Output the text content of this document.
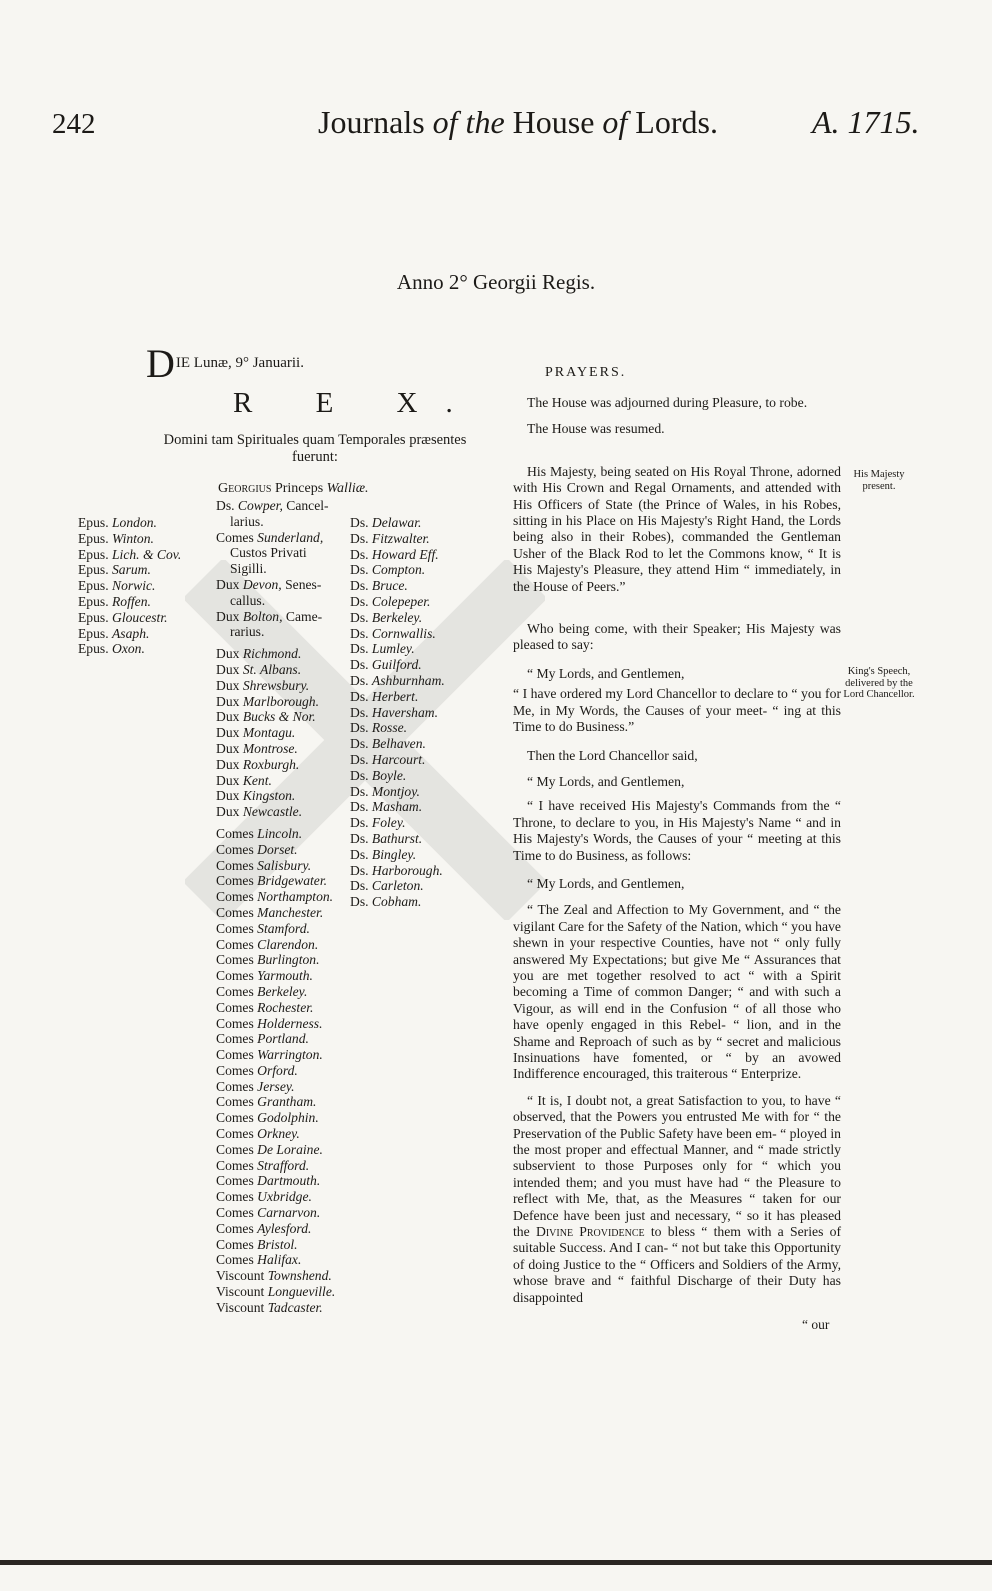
242	Journals of the House of Lords.	A. 1715.
Anno 2° Georgii Regis.
DIE Lunæ, 9° Januarii.
R E X.
Domini tam Spirituales quam Temporales præsentes fuerunt:
Georgius Princeps Walliæ.
Epus. London.
Epus. Winton.
Epus. Lich. & Cov.
Epus. Sarum.
Epus. Norwic.
Epus. Roffen.
Epus. Gloucestr.
Epus. Asaph.
Epus. Oxon.
Ds. Cowper, Cancel-
larius.
Comes Sunderland,
Custos Privati
Sigilli.
Dux Devon, Senes-
callus.
Dux Bolton, Came-
rarius.
Dux Richmond.
Dux St. Albans.
Dux Shrewsbury.
Dux Marlborough.
Dux Bucks & Nor.
Dux Montagu.
Dux Montrose.
Dux Roxburgh.
Dux Kent.
Dux Kingston.
Dux Newcastle.
Comes Lincoln.
Comes Dorset.
Comes Salisbury.
Comes Bridgewater.
Comes Northampton.
Comes Manchester.
Comes Stamford.
Comes Clarendon.
Comes Burlington.
Comes Yarmouth.
Comes Berkeley.
Comes Rochester.
Comes Holderness.
Comes Portland.
Comes Warrington.
Comes Orford.
Comes Jersey.
Comes Grantham.
Comes Godolphin.
Comes Orkney.
Comes De Loraine.
Comes Strafford.
Comes Dartmouth.
Comes Uxbridge.
Comes Carnarvon.
Comes Aylesford.
Comes Bristol.
Comes Halifax.
Viscount Townshend.
Viscount Longueville.
Viscount Tadcaster.
Ds. Delawar.
Ds. Fitzwalter.
Ds. Howard Eff.
Ds. Compton.
Ds. Bruce.
Ds. Colepeper.
Ds. Berkeley.
Ds. Cornwallis.
Ds. Lumley.
Ds. Guilford.
Ds. Ashburnham.
Ds. Herbert.
Ds. Haversham.
Ds. Rosse.
Ds. Belhaven.
Ds. Harcourt.
Ds. Boyle.
Ds. Montjoy.
Ds. Masham.
Ds. Foley.
Ds. Bathurst.
Ds. Bingley.
Ds. Harborough.
Ds. Carleton.
Ds. Cobham.
PRAYERS.

The House was adjourned during Pleasure, to robe.

The House was resumed.

His Majesty, being seated on His Royal Throne, adorned with His Crown and Regal Ornaments, and attended with His Officers of State (the Prince of Wales, in his Robes, sitting in his Place on His Majesty's Right Hand, the Lords being also in their Robes), commanded the Gentleman Usher of the Black Rod to let the Commons know, “ It is His Majesty's Pleasure, they attend Him “ immediately, in the House of Peers.”

Who being come, with their Speaker; His Majesty was pleased to say:

“ My Lords, and Gentlemen,

“ I have ordered my Lord Chancellor to declare to “ you for Me, in My Words, the Causes of your meet- “ ing at this Time to do Business.”

Then the Lord Chancellor said,

“ My Lords, and Gentlemen,

“ I have received His Majesty's Commands from the “ Throne, to declare to you, in His Majesty's Name “ and in His Majesty's Words, the Causes of your “ meeting at this Time to do Business, as follows:

“ My Lords, and Gentlemen,

“ The Zeal and Affection to My Government, and “ the vigilant Care for the Safety of the Nation, which “ you have shewn in your respective Counties, have not “ only fully answered My Expectations; but give Me “ Assurances that you are met together resolved to act “ with a Spirit becoming a Time of common Danger; “ and with such a Vigour, as will end in the Confusion “ of all those who have openly engaged in this Rebel- “ lion, and in the Shame and Reproach of such as by “ secret and malicious Insinuations have fomented, or “ by an avowed Indifference encouraged, this traiterous “ Enterprize.

“ It is, I doubt not, a great Satisfaction to you, to have “ observed, that the Powers you entrusted Me with for “ the Preservation of the Public Safety have been em- “ ployed in the most proper and effectual Manner, and “ made strictly subservient to those Purposes only for “ which you intended them; and you must have had “ the Pleasure to reflect with Me, that, as the Measures “ taken for our Defence have been just and necessary, “ so it has pleased the Divine Providence to bless “ them with a Series of suitable Success. And I can- “ not but take this Opportunity of doing Justice to the “ Officers and Soldiers of the Army, whose brave and “ faithful Discharge of their Duty has disappointed

“ our
His Majesty present.
King's Speech, delivered by the Lord Chancellor.
